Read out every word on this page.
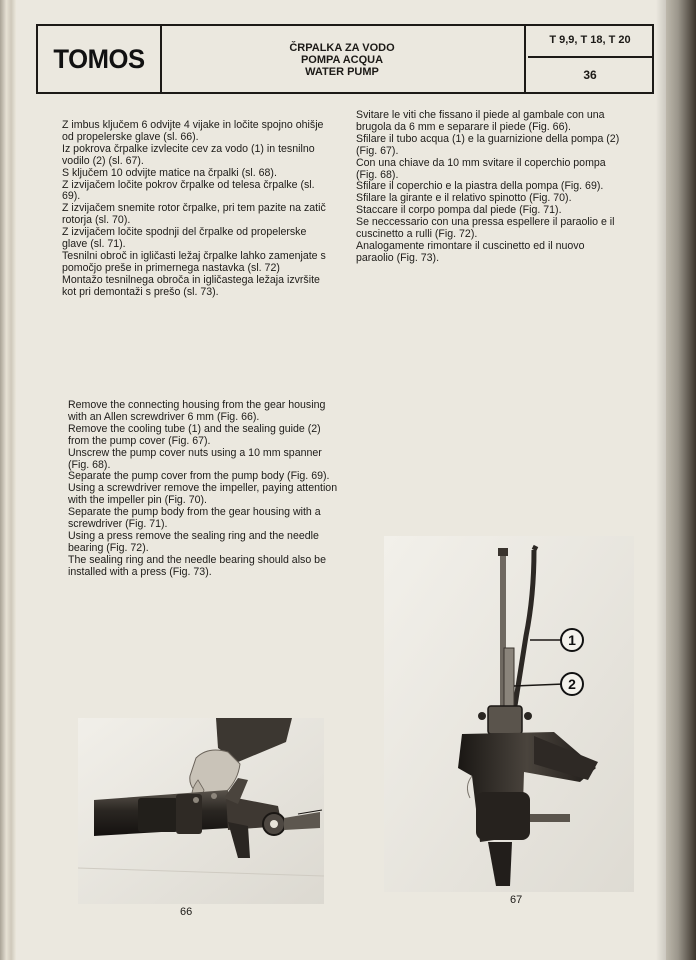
TOMOS	ČRPALKA ZA VODO
POMPA ACQUA
WATER PUMP
T 9,9, T 18, T 20
36

Z imbus ključem 6 odvijte 4 vijake in ločite spojno ohišje od propelerske glave (sl. 66).

Iz pokrova črpalke izvlecite cev za vodo (1) in tesnilno vodilo (2) (sl. 67).

S ključem 10 odvijte matice na črpalki (sl. 68).

Z izvijačem ločite pokrov črpalke od telesa črpalke (sl. 69).

Z izvijačem snemite rotor črpalke, pri tem pazite na zatič rotorja (sl. 70).

Z izvijačem ločite spodnji del črpalke od propelerske glave (sl. 71).

Tesnilni obroč in igličasti ležaj črpalke lahko zamenjate s pomočjo preše in primernega nastavka (sl. 72)

Montažo tesnilnega obroča in igličastega ležaja izvršite kot pri demontaži s prešo (sl. 73).

Svitare le viti che fissano il piede al gambale con una brugola da 6 mm e separare il piede (Fig. 66).

Sfilare il tubo acqua (1) e la guarnizione della pompa (2) (Fig. 67).

Con una chiave da 10 mm svitare il coperchio pompa (Fig. 68).

Sfilare il coperchio e la piastra della pompa (Fig. 69).

Sfilare la girante e il relativo spinotto (Fig. 70).

Staccare il corpo pompa dal piede (Fig. 71).

Se neccessario con una pressa espellere il paraolio e il cuscinetto a rulli (Fig. 72).

Analogamente rimontare il cuscinetto ed il nuovo paraolio (Fig. 73).

Remove the connecting housing from the gear housing with an Allen screwdriver 6 mm (Fig. 66).

Remove the cooling tube (1) and the sealing guide (2) from the pump cover (Fig. 67).

Unscrew the pump cover nuts using a 10 mm spanner (Fig. 68).

Separate the pump cover from the pump body (Fig. 69).

Using a screwdriver remove the impeller, paying attention with the impeller pin (Fig. 70).

Separate the pump body from the gear housing with a screwdriver (Fig. 71).

Using a press remove the sealing ring and the needle bearing (Fig. 72).

The sealing ring and the needle bearing should also be installed with a press (Fig. 73).

66
1
2
67
